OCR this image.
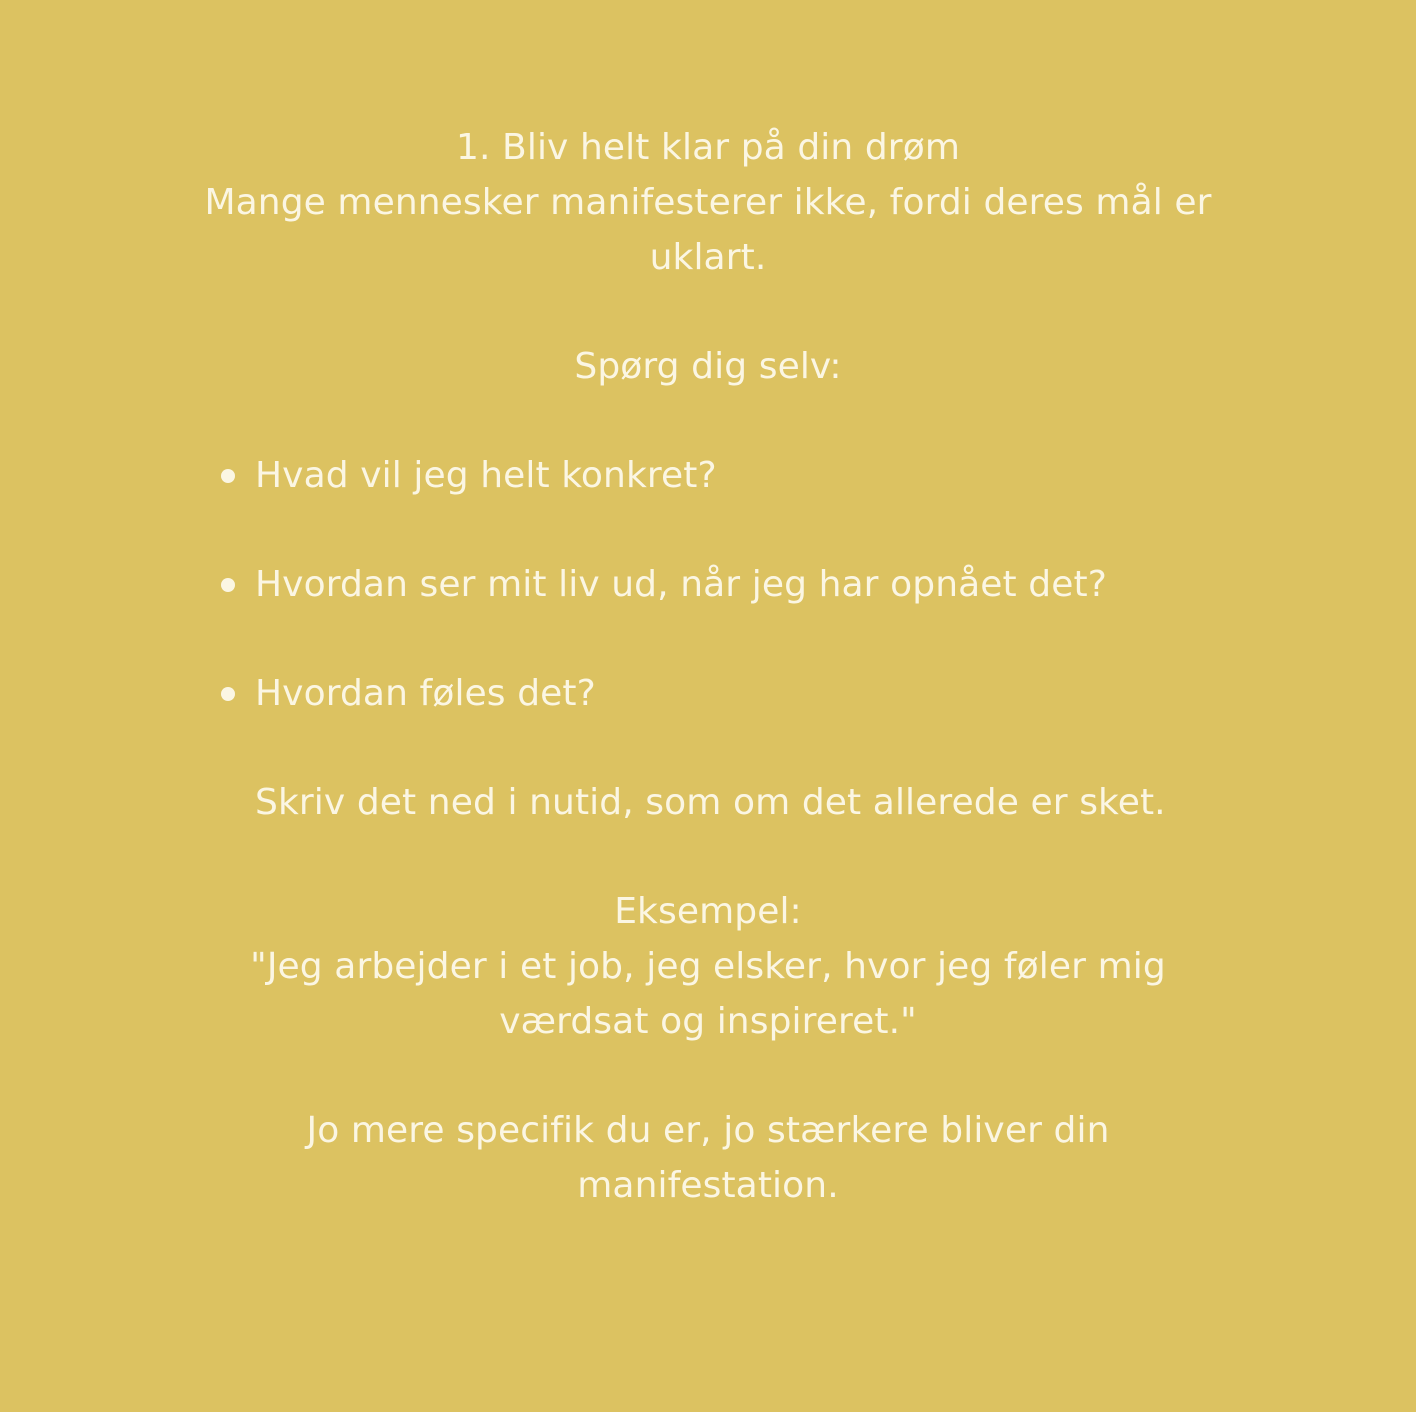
1. Bliv helt klar på din drøm
Mange mennesker manifesterer ikke, fordi deres mål er
uklart.
Spørg dig selv:
Hvad vil jeg helt konkret?
Hvordan ser mit liv ud, når jeg har opnået det?
Hvordan føles det?
Skriv det ned i nutid, som om det allerede er sket.
Eksempel:
"Jeg arbejder i et job, jeg elsker, hvor jeg føler mig
værdsat og inspireret."
Jo mere specifik du er, jo stærkere bliver din
manifestation.
